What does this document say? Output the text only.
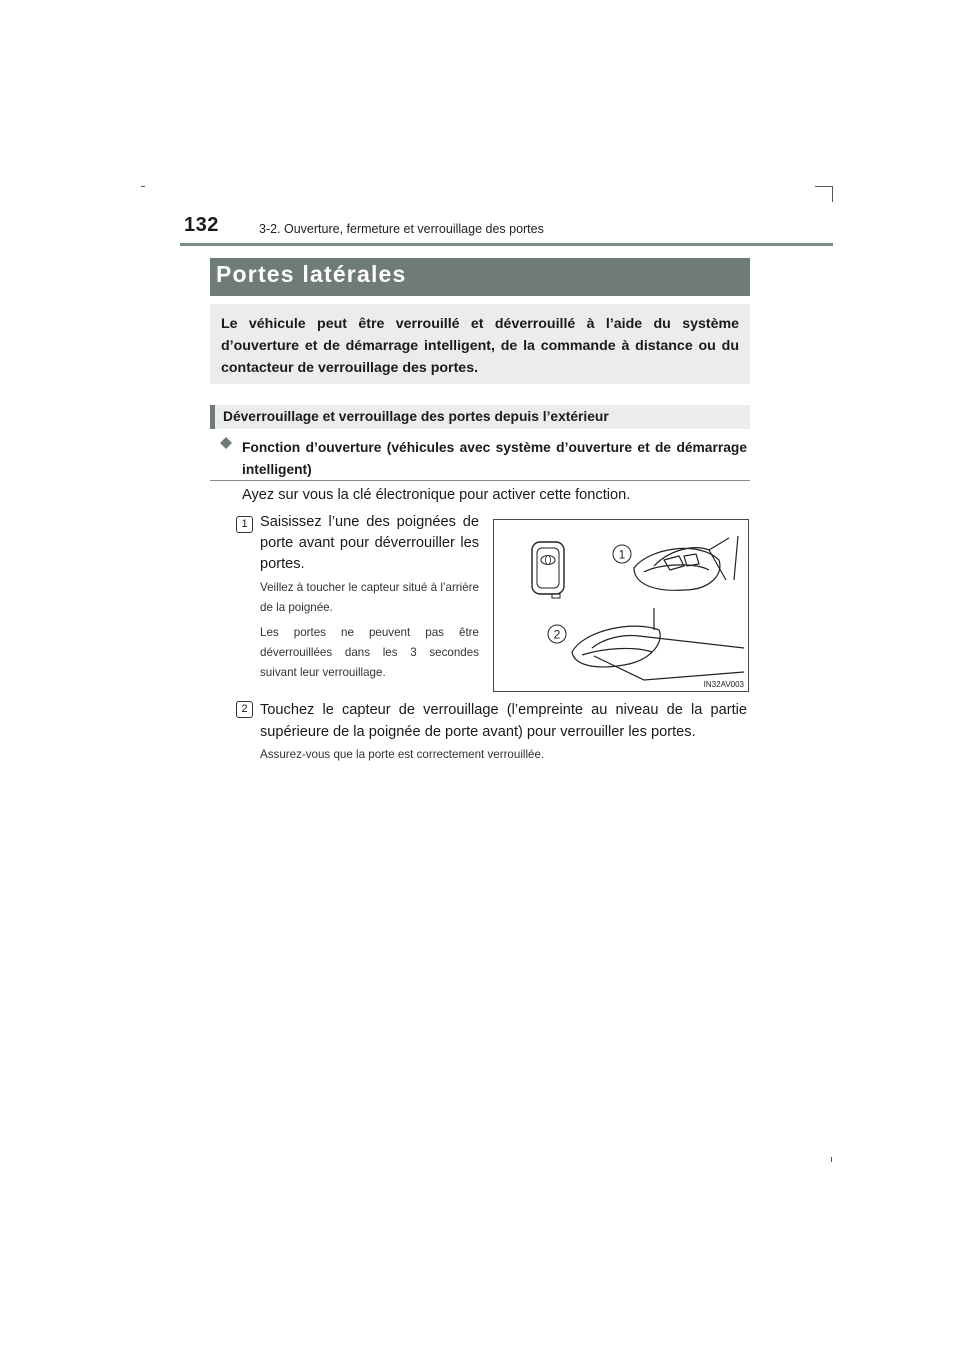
132	3-2. Ouverture, fermeture et verrouillage des portes
Portes latérales

Le véhicule peut être verrouillé et déverrouillé à l’aide du système d’ouverture et de démarrage intelligent, de la commande à distance ou du contacteur de verrouillage des portes.

Déverrouillage et verrouillage des portes depuis l’extérieur

Fonction d’ouverture (véhicules avec système d’ouverture et de démarrage intelligent)

Ayez sur vous la clé électronique pour activer cette fonction.
1 Saisissez l’une des poignées de porte avant pour déverrouiller les portes.

Veillez à toucher le capteur situé à l’arrière de la poignée.

Les portes ne peuvent pas être déverrouillées dans les 3 secondes suivant leur verrouillage.

1
2
IN32AV003
2 Touchez le capteur de verrouillage (l’empreinte au niveau de la partie supérieure de la poignée de porte avant) pour verrouiller les portes.

Assurez-vous que la porte est correctement verrouillée.
